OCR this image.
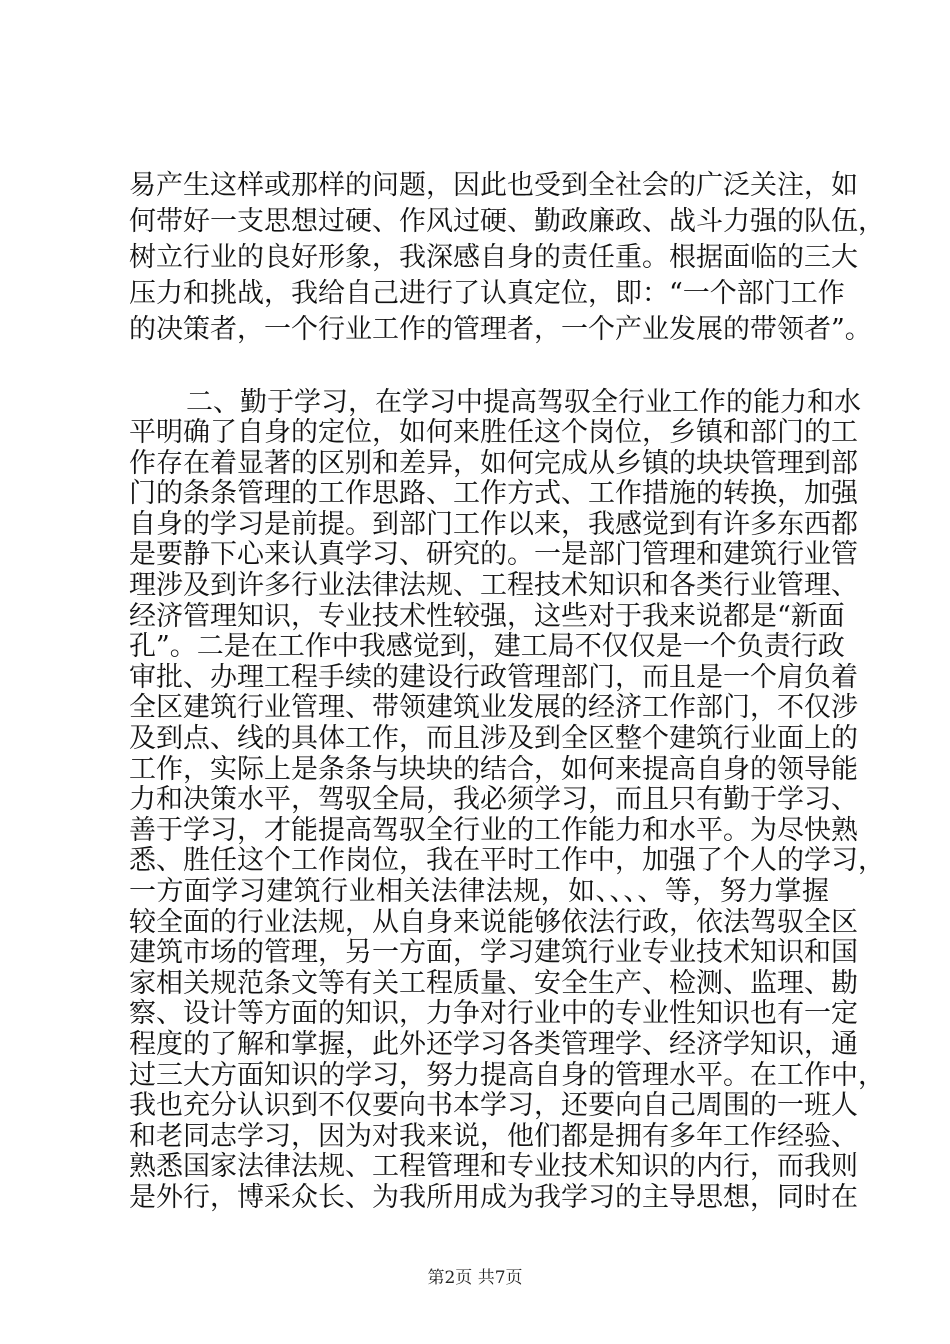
易产生这样或那样的问题，因此也受到全社会的广泛关注，如
何带好一支思想过硬、作风过硬、勤政廉政、战斗力强的队伍，
树立行业的良好形象，我深感自身的责任重。根据面临的三大
压力和挑战，我给自己进行了认真定位，即：“一个部门工作
的决策者，一个行业工作的管理者，一个产业发展的带领者”。
二、勤于学习，在学习中提高驾驭全行业工作的能力和水
平明确了自身的定位，如何来胜任这个岗位，乡镇和部门的工
作存在着显著的区别和差异，如何完成从乡镇的块块管理到部
门的条条管理的工作思路、工作方式、工作措施的转换，加强
自身的学习是前提。到部门工作以来，我感觉到有许多东西都
是要静下心来认真学习、研究的。一是部门管理和建筑行业管
理涉及到许多行业法律法规、工程技术知识和各类行业管理、
经济管理知识，专业技术性较强，这些对于我来说都是“新面
孔”。二是在工作中我感觉到，建工局不仅仅是一个负责行政
审批、办理工程手续的建设行政管理部门，而且是一个肩负着
全区建筑行业管理、带领建筑业发展的经济工作部门，不仅涉
及到点、线的具体工作，而且涉及到全区整个建筑行业面上的
工作，实际上是条条与块块的结合，如何来提高自身的领导能
力和决策水平，驾驭全局，我必须学习，而且只有勤于学习、
善于学习，才能提高驾驭全行业的工作能力和水平。为尽快熟
悉、胜任这个工作岗位，我在平时工作中，加强了个人的学习，
一方面学习建筑行业相关法律法规，如、、、、等，努力掌握
较全面的行业法规，从自身来说能够依法行政，依法驾驭全区
建筑市场的管理，另一方面，学习建筑行业专业技术知识和国
家相关规范条文等有关工程质量、安全生产、检测、监理、勘
察、设计等方面的知识，力争对行业中的专业性知识也有一定
程度的了解和掌握，此外还学习各类管理学、经济学知识，通
过三大方面知识的学习，努力提高自身的管理水平。在工作中，
我也充分认识到不仅要向书本学习，还要向自己周围的一班人
和老同志学习，因为对我来说，他们都是拥有多年工作经验、
熟悉国家法律法规、工程管理和专业技术知识的内行，而我则
是外行，博采众长、为我所用成为我学习的主导思想，同时在
第2页 共7页
